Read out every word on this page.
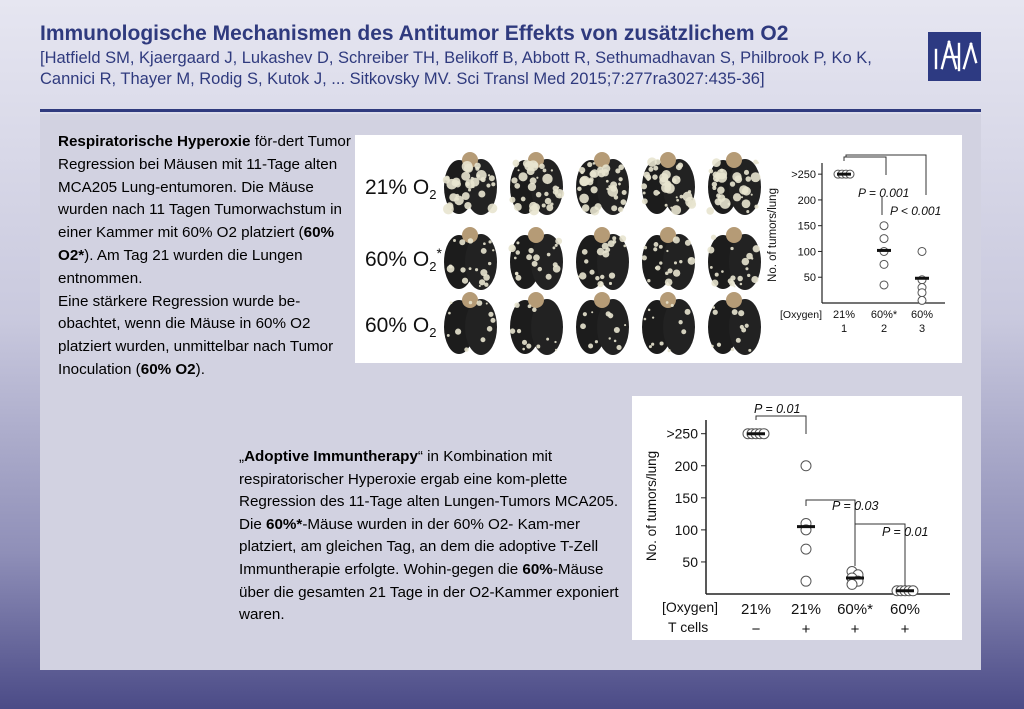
Immunologische Mechanismen des Antitumor Effekts von zusätzlichem O2
[Hatfield SM, Kjaergaard J, Lukashev D, Schreiber TH, Belikoff B, Abbott R, Sethumadhavan S, Philbrook P, Ko K, Cannici R, Thayer M, Rodig S, Kutok J, ... Sitkovsky MV. Sci Transl Med 2015;7:277ra3027:435-36]
Respiratorische Hyperoxie för-dert Tumor Regression bei Mäusen mit 11-Tage alten MCA205 Lung-entumoren. Die Mäuse wurden nach 11 Tagen Tumorwachstum in einer Kammer mit 60% O2 platziert (60% O2*). Am Tag 21 wurden die Lungen entnommen.
Eine stärkere Regression wurde be-obachtet, wenn die Mäuse in 60% O2 platziert wurden, unmittelbar nach Tumor Inoculation (60% O2).
21% $O_2$
60% $O_2^*$
60% $O_2$
>250
200
150
100
50
No. of tumors/lung	P = 0.001
P < 0.001
[Oxygen] 21%
1
60%*
2
60%
3
>250
200
150
100
50
No. of tumors/lung
P = 0.01
P = 0.03
P = 0.01
[Oxygen]
T cells
21%
−
21%
+
60%*
+
60%
+
„Adoptive Immuntherapy“ in Kombination mit respiratorischer Hyperoxie ergab eine kom-plette Regression des 11-Tage alten Lungen-Tumors MCA205.
Die 60%*-Mäuse wurden in der 60% O2- Kam-mer platziert, am gleichen Tag, an dem die adoptive T-Zell Immuntherapie erfolgte. Wohin-gegen die 60%-Mäuse über die gesamten 21 Tage in der O2-Kammer exponiert waren.
